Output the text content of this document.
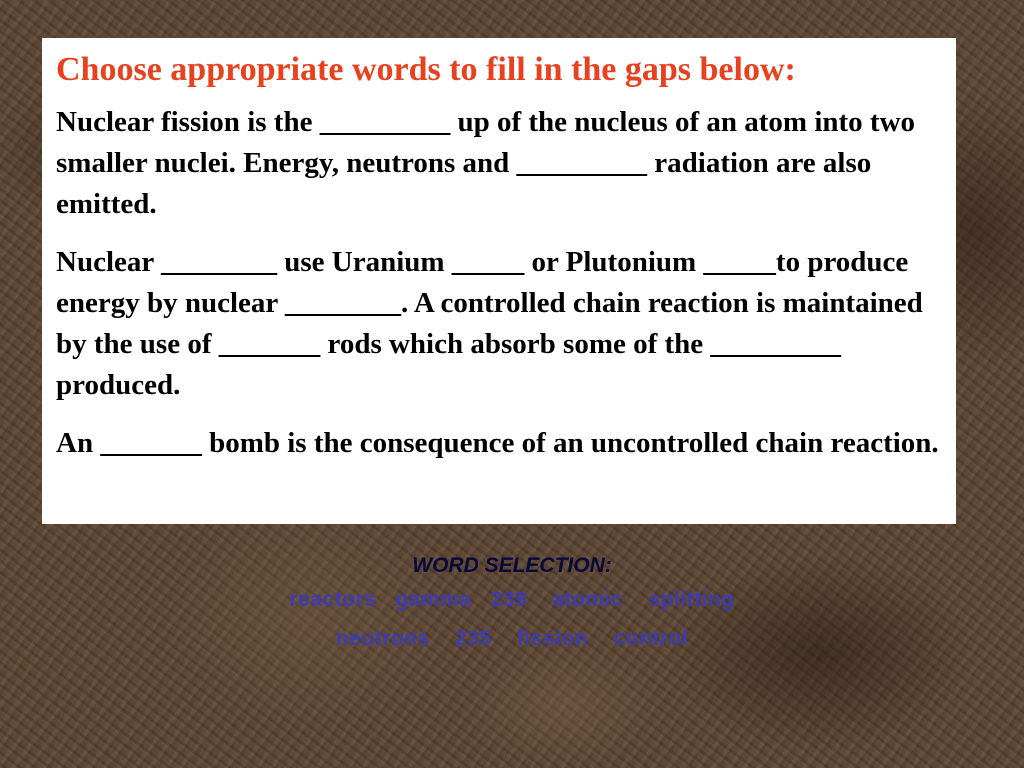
Choose appropriate words to fill in the gaps below:

Nuclear fission is the _________ up of the nucleus of an atom into two smaller nuclei. Energy, neutrons and _________ radiation are also emitted.

Nuclear ________ use Uranium _____ or Plutonium _____to produce energy by nuclear ________. A controlled chain reaction is maintained by the use of _______ rods which absorb some of the _________ produced.

An _______ bomb is the consequence of an uncontrolled chain reaction.

WORD SELECTION:
reactors gamma 239 atomic splitting
neutrons 235 fission control
